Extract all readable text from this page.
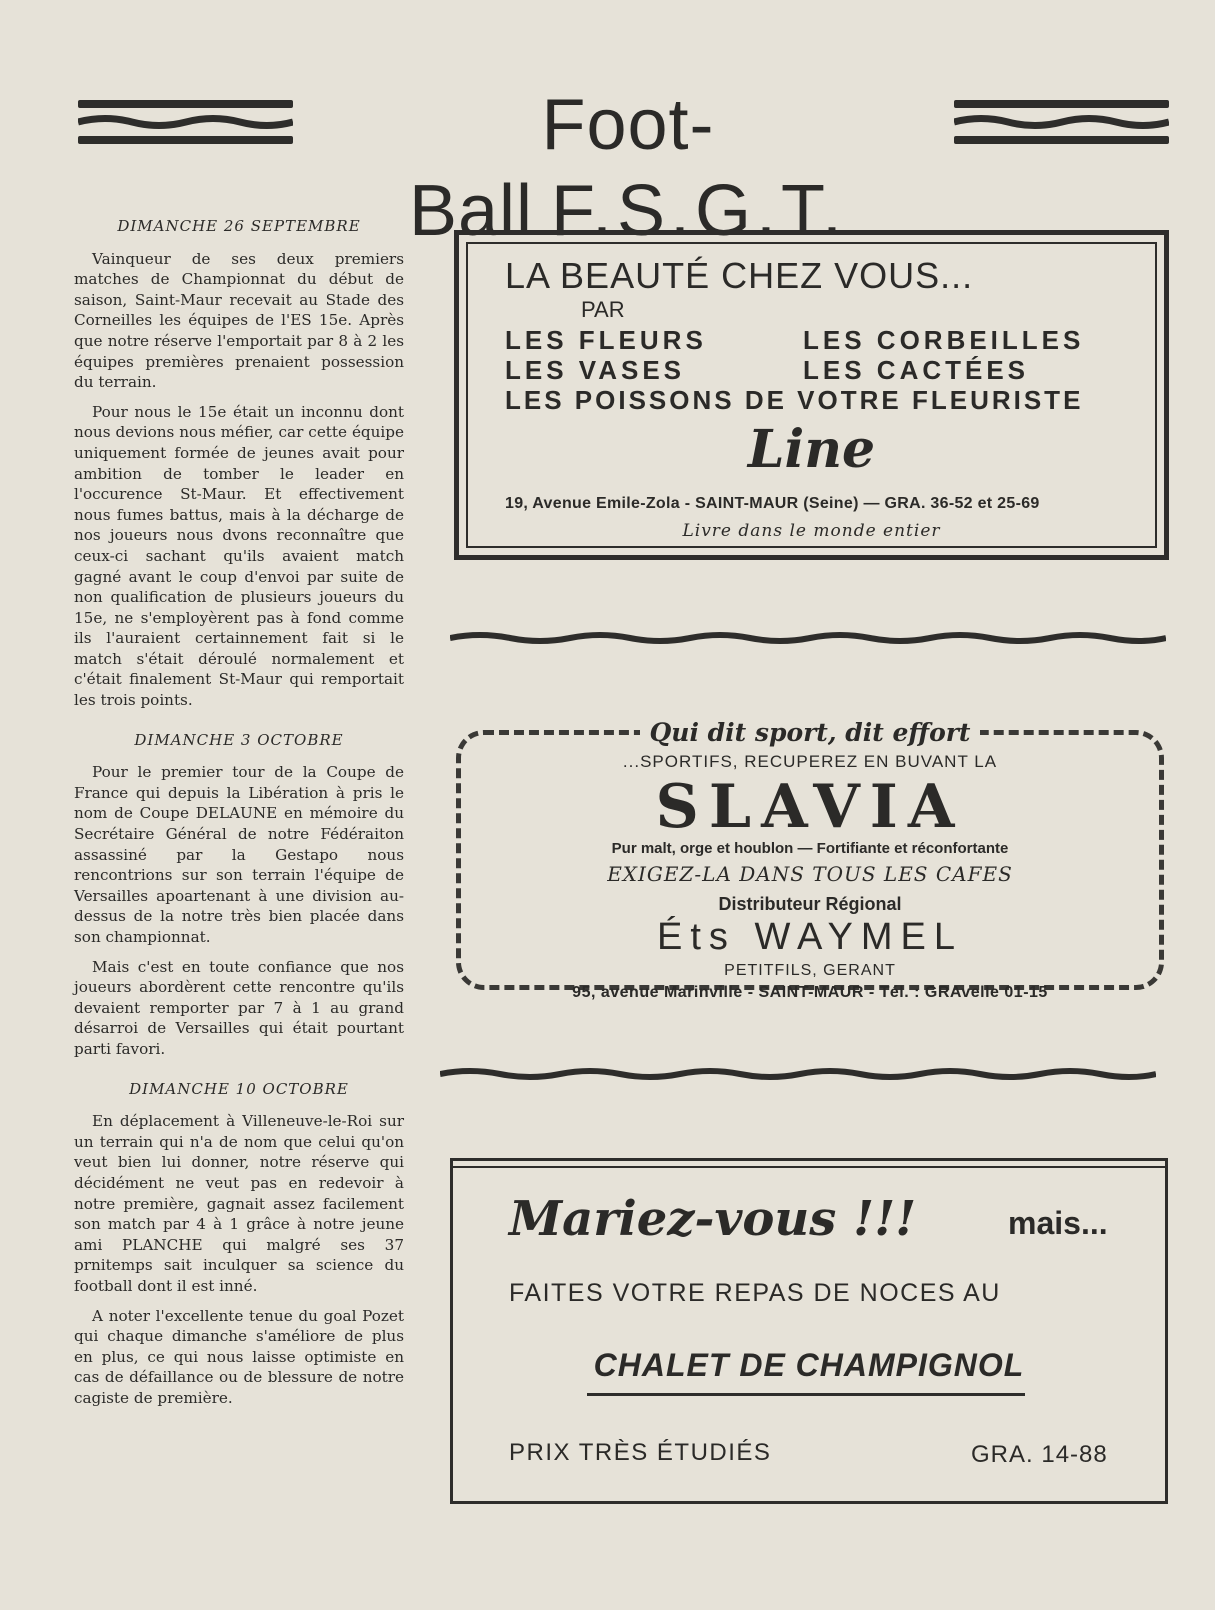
Foot-Ball F.S.G.T.
DIMANCHE 26 SEPTEMBRE

Vainqueur de ses deux premiers matches de Championnat du début de saison, Saint-Maur recevait au Stade des Corneilles les équipes de l'ES 15e. Après que notre réserve l'emportait par 8 à 2 les équipes premières prenaient possession du terrain.

Pour nous le 15e était un inconnu dont nous devions nous méfier, car cette équipe uniquement formée de jeunes avait pour ambition de tomber le leader en l'occurence St-Maur. Et effectivement nous fumes battus, mais à la décharge de nos joueurs nous dvons reconnaître que ceux-ci sachant qu'ils avaient match gagné avant le coup d'envoi par suite de non qualification de plusieurs joueurs du 15e, ne s'employèrent pas à fond comme ils l'auraient certainnement fait si le match s'était déroulé normalement et c'était finalement St-Maur qui remportait les trois points.

DIMANCHE 3 OCTOBRE

Pour le premier tour de la Coupe de France qui depuis la Libération à pris le nom de Coupe DELAUNE en mémoire du Secrétaire Général de notre Fédéraiton assassiné par la Gestapo nous rencontrions sur son terrain l'équipe de Versailles apoartenant à une division au-dessus de la notre très bien placée dans son championnat.

Mais c'est en toute confiance que nos joueurs abordèrent cette rencontre qu'ils devaient remporter par 7 à 1 au grand désarroi de Versailles qui était pourtant parti favori.

DIMANCHE 10 OCTOBRE

En déplacement à Villeneuve-le-Roi sur un terrain qui n'a de nom que celui qu'on veut bien lui donner, notre réserve qui décidément ne veut pas en redevoir à notre première, gagnait assez facilement son match par 4 à 1 grâce à notre jeune ami PLANCHE qui malgré ses 37 prnitemps sait inculquer sa science du football dont il est inné.

A noter l'excellente tenue du goal Pozet qui chaque dimanche s'améliore de plus en plus, ce qui nous laisse optimiste en cas de défaillance ou de blessure de notre cagiste de première.

LA BEAUTÉ CHEZ VOUS...
PAR
LES FLEURS
LES VASES
LES CORBEILLES
LES CACTÉES
LES POISSONS DE VOTRE FLEURISTE
Line
19, Avenue Emile-Zola - SAINT-MAUR (Seine) — GRA. 36-52 et 25-69
Livre dans le monde entier
Qui dit sport, dit effort
...SPORTIFS, RECUPEREZ EN BUVANT LA
SLAVIA
Pur malt, orge et houblon — Fortifiante et réconfortante
EXIGEZ-LA DANS TOUS LES CAFES
Distributeur Régional
Éts WAYMEL
PETITFILS, GERANT
95, avenue Marinville - SAINT-MAUR - Tél. : GRAvelle 01-15
Mariez-vous !!!	mais...
FAITES VOTRE REPAS DE NOCES AU
CHALET DE CHAMPIGNOL
PRIX TRÈS ÉTUDIÉS	GRA. 14-88
